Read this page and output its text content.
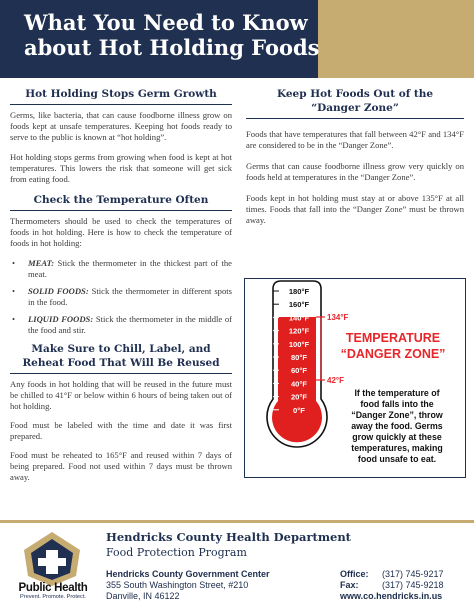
What You Need to Know
about Hot Holding Foods
Hot Holding Stops Germ Growth

Germs, like bacteria, that can cause foodborne illness grow on foods kept at unsafe temperatures. Keeping hot foods ready to serve to the public is known at “hot holding”.

Hot holding stops germs from growing when food is kept at hot temperatures. This lowers the risk that someone will get sick from eating food.

Check the Temperature Often

Thermometers should be used to check the temperatures of foods in hot holding. Here is how to check the temperature of foods in hot holding:

• MEAT: Stick the thermometer in the thickest part of the meat.
• SOLID FOODS: Stick the thermometer in different spots in the food.
• LIQUID FOODS: Stick the thermometer in the middle of the food and stir.
Make Sure to Chill, Label, and
Reheat Food That Will Be Reused

Any foods in hot holding that will be reused in the future must be chilled to 41°F or below within 6 hours of being taken out of hot holding.

Food must be labeled with the time and date it was first prepared.

Food must be reheated to 165°F and reused within 7 days of being prepared. Food not used within 7 days must be thrown away.

Keep Hot Foods Out of the
“Danger Zone”

Foods that have temperatures that fall between 42°F and 134°F are considered to be in the “Danger Zone”.

Germs that can cause foodborne illness grow very quickly on foods held at temperatures in the “Danger Zone”.

Foods kept in hot holding must stay at or above 135°F at all times. Foods that fall into the “Danger Zone” must be thrown away.

180°F
160°F
140°F
120°F
100°F
80°F
60°F
40°F
20°F
0°F
134°F
42°F
TEMPERATURE
“DANGER ZONE”
If the temperature of
food falls into the
“Danger Zone”, throw
away the food. Germs
grow quickly at these
temperatures, making
food unsafe to eat.
Public Health
Prevent. Promote. Protect.
Hendricks County Health Department
Food Protection Program
Hendricks County Government Center
355 South Washington Street, #210
Danville, IN 46122
Office: (317) 745-9217
Fax:	(317) 745-9218
www.co.hendricks.in.us
